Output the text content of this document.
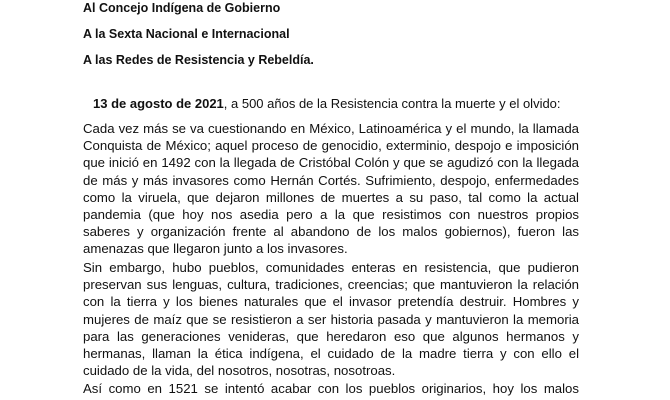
Al Concejo Indígena de Gobierno
A la Sexta Nacional e Internacional
A las Redes de Resistencia y Rebeldía.
13 de agosto de 2021, a 500 años de la Resistencia contra la muerte y el olvido:
Cada vez más se va cuestionando en México, Latinoamérica y el mundo, la llamada
Conquista de México; aquel proceso de genocidio, exterminio, despojo e imposición
que inició en 1492 con la llegada de Cristóbal Colón y que se agudizó con la llegada
de más y más invasores como Hernán Cortés. Sufrimiento, despojo, enfermedades
como la viruela, que dejaron millones de muertes a su paso, tal como la actual
pandemia (que hoy nos asedia pero a la que resistimos con nuestros propios
saberes y organización frente al abandono de los malos gobiernos), fueron las
amenazas que llegaron junto a los invasores.
Sin embargo, hubo pueblos, comunidades enteras en resistencia, que pudieron
preservan sus lenguas, cultura, tradiciones, creencias; que mantuvieron la relación
con la tierra y los bienes naturales que el invasor pretendía destruir. Hombres y
mujeres de maíz que se resistieron a ser historia pasada y mantuvieron la memoria
para las generaciones venideras, que heredaron eso que algunos hermanos y
hermanas, llaman la ética indígena, el cuidado de la madre tierra y con ello el
cuidado de la vida, del nosotros, nosotras, nosotroas.
Así como en 1521 se intentó acabar con los pueblos originarios, hoy los malos
